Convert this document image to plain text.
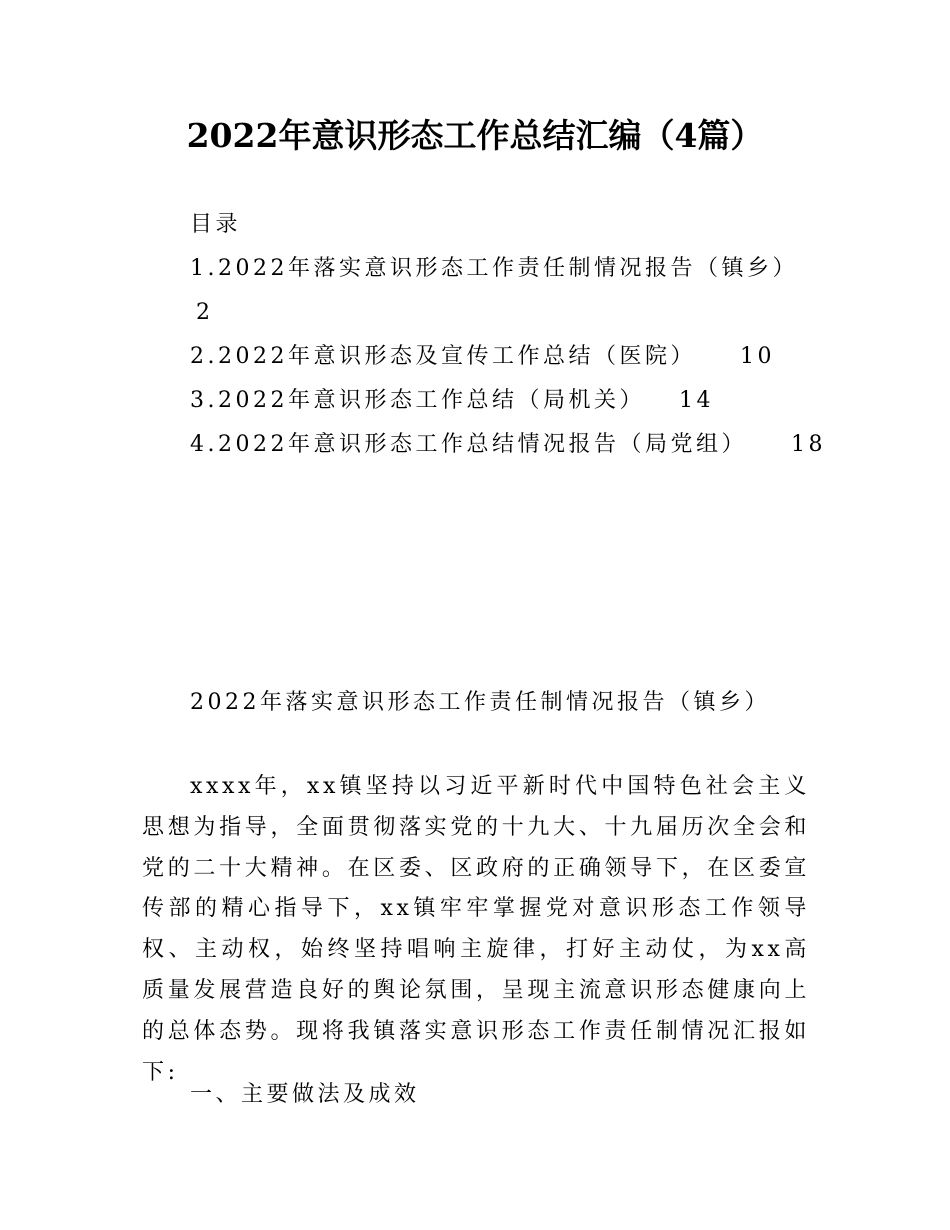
2022年意识形态工作总结汇编（4篇）
目录
1.2022年落实意识形态工作责任制情况报告（镇乡）
2
2.2022年意识形态及宣传工作总结（医院） 10
3.2022年意识形态工作总结（局机关） 14
4.2022年意识形态工作总结情况报告（局党组） 18
2022年落实意识形态工作责任制情况报告（镇乡）

xxxx年，xx镇坚持以习近平新时代中国特色社会主义思想为指导，全面贯彻落实党的十九大、十九届历次全会和党的二十大精神。在区委、区政府的正确领导下，在区委宣传部的精心指导下，xx镇牢牢掌握党对意识形态工作领导权、主动权，始终坚持唱响主旋律，打好主动仗，为xx高质量发展营造良好的舆论氛围，呈现主流意识形态健康向上的总体态势。现将我镇落实意识形态工作责任制情况汇报如下:

一、主要做法及成效
